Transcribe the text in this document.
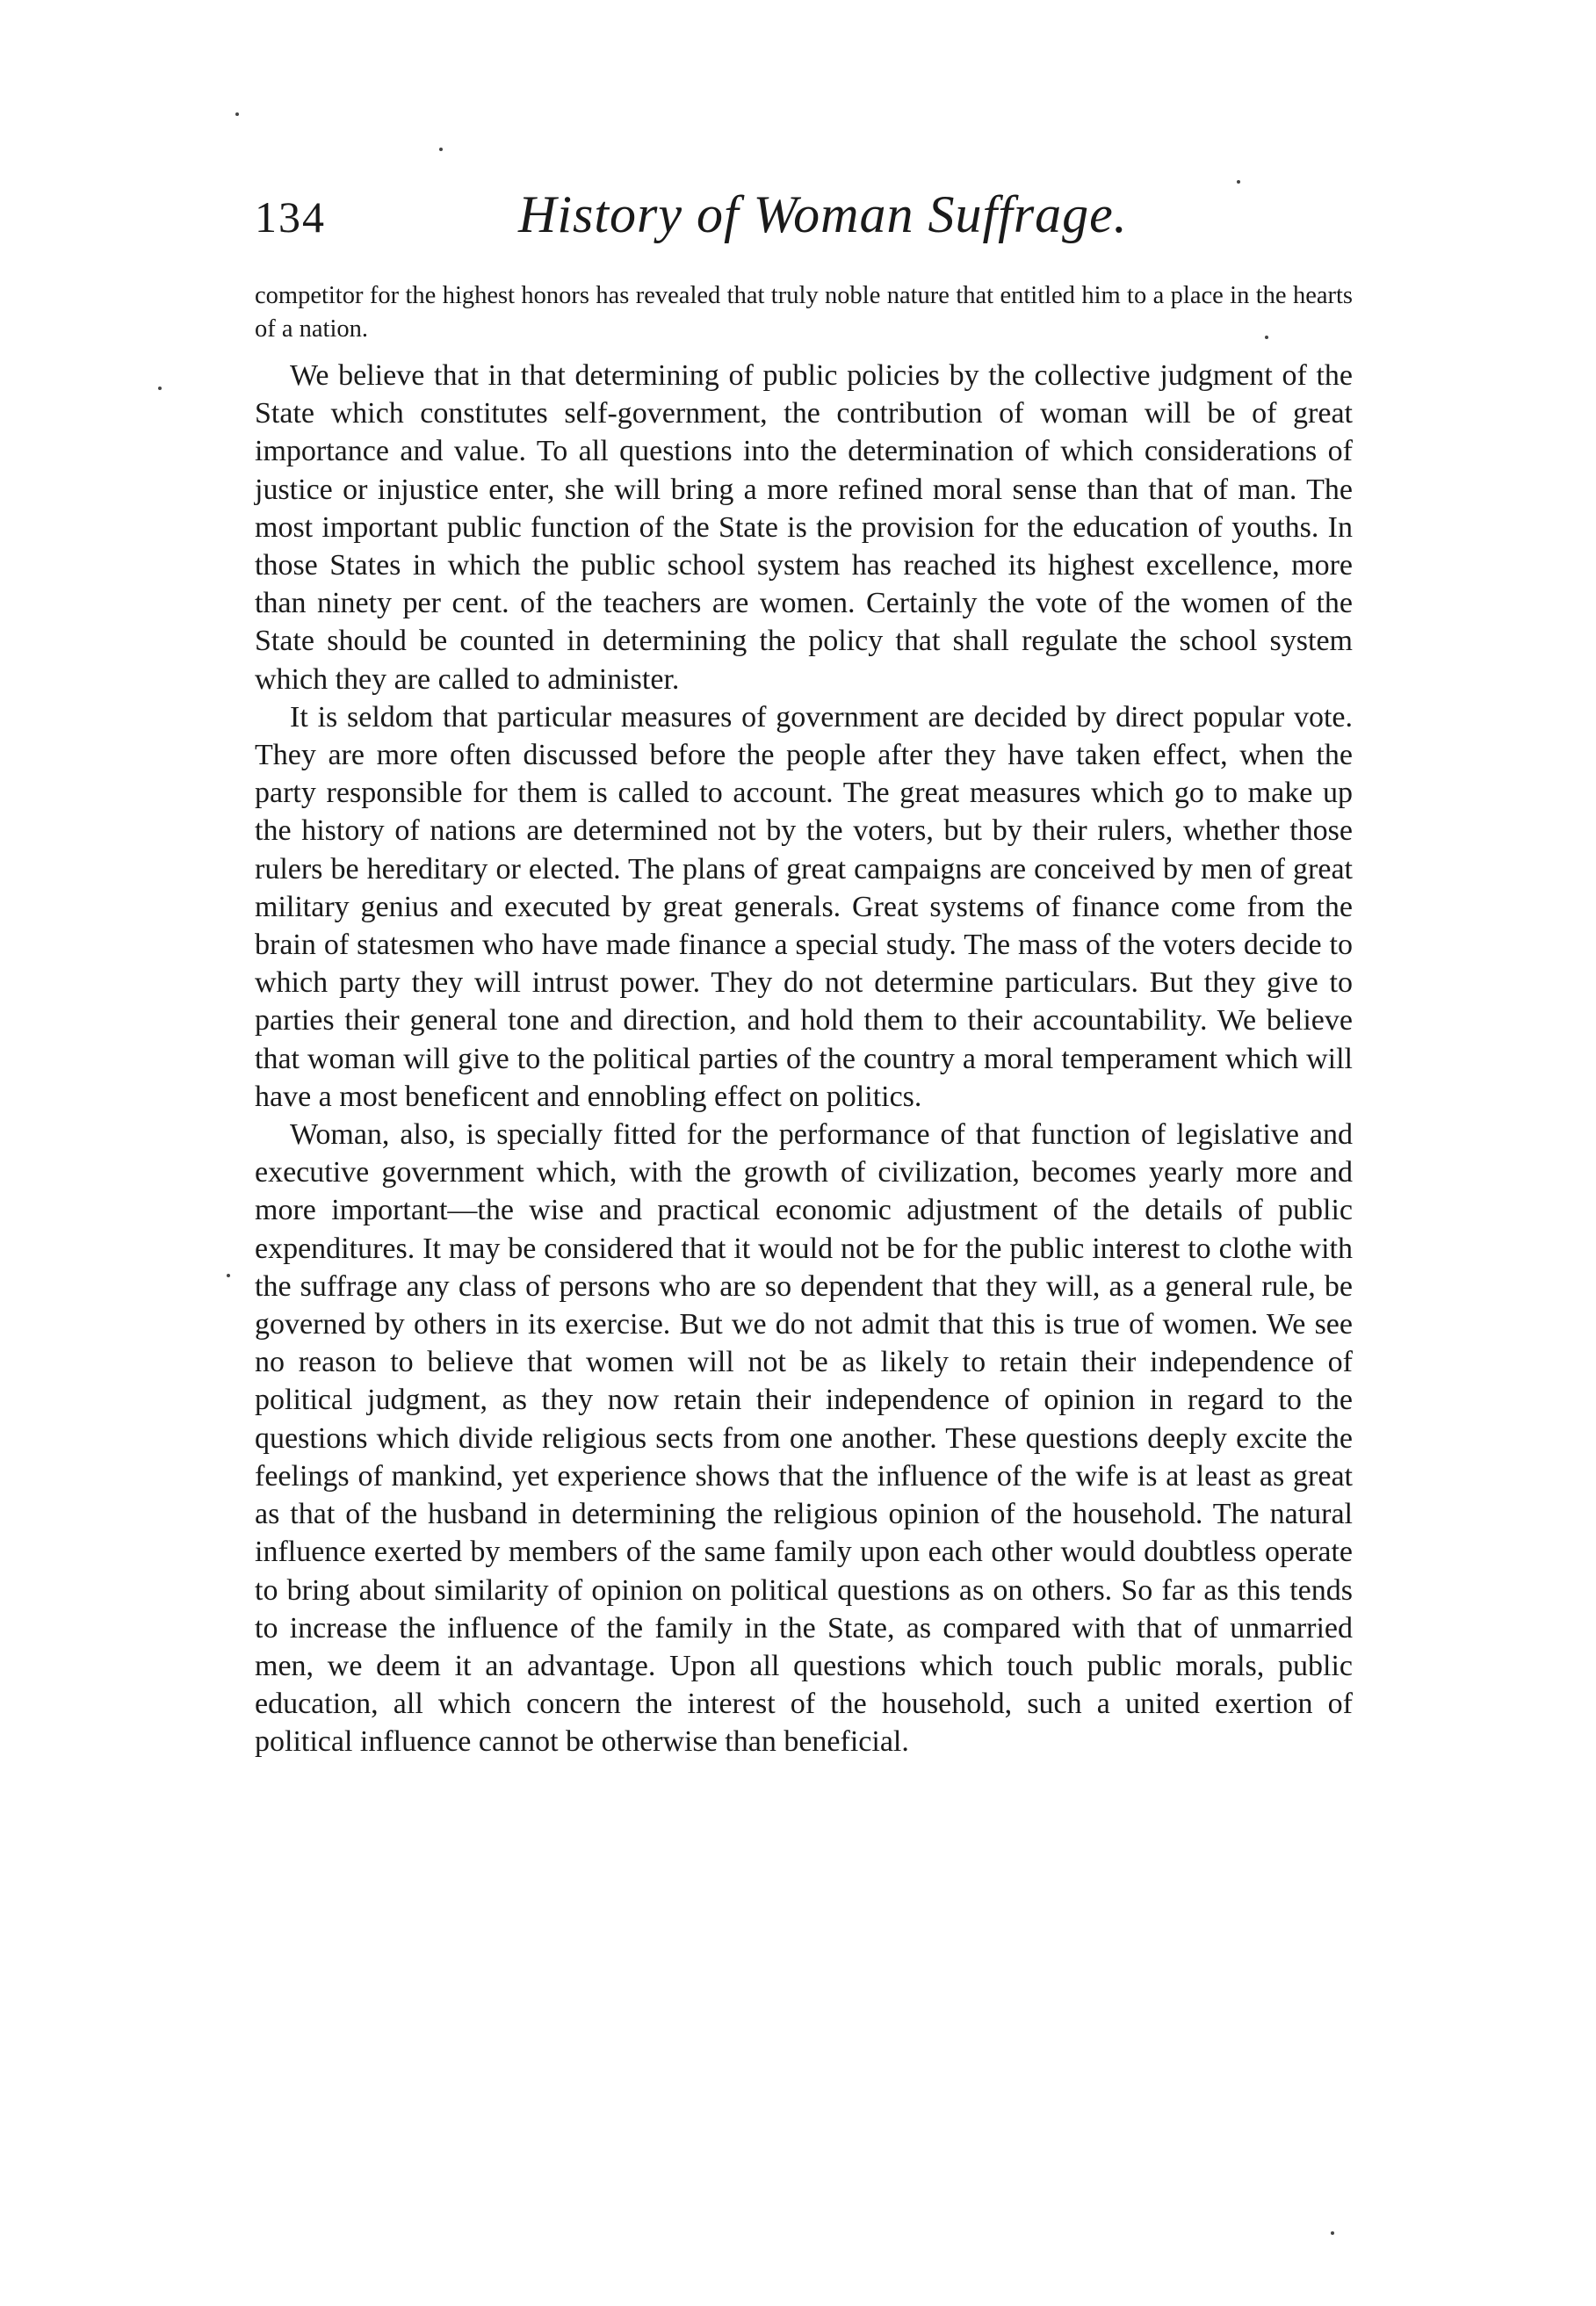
134	History of Woman Suffrage.

competitor for the highest honors has revealed that truly noble nature that entitled him to a place in the hearts of a nation.

We believe that in that determining of public policies by the collective judgment of the State which constitutes self-government, the contribution of woman will be of great importance and value. To all questions into the determination of which considerations of justice or injustice enter, she will bring a more refined moral sense than that of man. The most important public function of the State is the provision for the education of youths. In those States in which the public school system has reached its highest excellence, more than ninety per cent. of the teachers are women. Certainly the vote of the women of the State should be counted in determining the policy that shall regulate the school system which they are called to administer.

It is seldom that particular measures of government are decided by direct popular vote. They are more often discussed before the people after they have taken effect, when the party responsible for them is called to account. The great measures which go to make up the history of nations are determined not by the voters, but by their rulers, whether those rulers be hereditary or elected. The plans of great campaigns are conceived by men of great military genius and executed by great generals. Great systems of finance come from the brain of statesmen who have made finance a special study. The mass of the voters decide to which party they will intrust power. They do not determine particulars. But they give to parties their general tone and direction, and hold them to their accountability. We believe that woman will give to the political parties of the country a moral temperament which will have a most beneficent and ennobling effect on politics.

Woman, also, is specially fitted for the performance of that function of legislative and executive government which, with the growth of civilization, becomes yearly more and more important—the wise and practical economic adjustment of the details of public expenditures. It may be considered that it would not be for the public interest to clothe with the suffrage any class of persons who are so dependent that they will, as a general rule, be governed by others in its exercise. But we do not admit that this is true of women. We see no reason to believe that women will not be as likely to retain their independence of political judgment, as they now retain their independence of opinion in regard to the questions which divide religious sects from one another. These questions deeply excite the feelings of mankind, yet experience shows that the influence of the wife is at least as great as that of the husband in determining the religious opinion of the household. The natural influence exerted by members of the same family upon each other would doubtless operate to bring about similarity of opinion on political questions as on others. So far as this tends to increase the influence of the family in the State, as compared with that of unmarried men, we deem it an advantage. Upon all questions which touch public morals, public education, all which concern the interest of the household, such a united exertion of political influence cannot be otherwise than beneficial.
